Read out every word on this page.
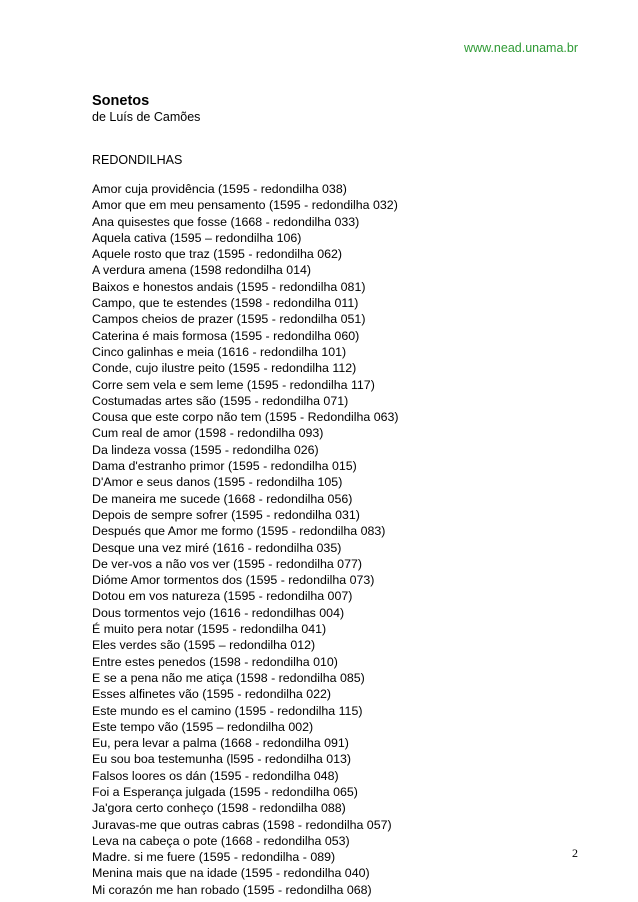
www.nead.unama.br
Sonetos
de Luís de Camões
REDONDILHAS
Amor cuja providência (1595 - redondilha 038)
Amor que em meu pensamento (1595 - redondilha 032)
Ana quisestes que fosse (1668 - redondilha 033)
Aquela cativa (1595 – redondilha 106)
Aquele rosto que traz (1595 - redondilha 062)
A verdura amena (1598 redondilha 014)
Baixos e honestos andais (1595 - redondilha 081)
Campo, que te estendes (1598 - redondilha 011)
Campos cheios de prazer (1595 - redondilha 051)
Caterina é mais formosa (1595 - redondilha 060)
Cinco galinhas e meia (1616 - redondilha 101)
Conde, cujo ilustre peito (1595 - redondilha 112)
Corre sem vela e sem leme (1595 - redondilha 117)
Costumadas artes são (1595 - redondilha 071)
Cousa que este corpo não tem (1595 - Redondilha 063)
Cum real de amor (1598 - redondilha 093)
Da lindeza vossa (1595 - redondilha 026)
Dama d'estranho primor (1595 - redondilha 015)
D'Amor e seus danos (1595 - redondilha 105)
De maneira me sucede (1668 - redondilha 056)
Depois de sempre sofrer (1595 - redondilha 031)
Después que Amor me formo (1595 - redondilha 083)
Desque una vez miré (1616 - redondilha 035)
De ver-vos a não vos ver (1595 - redondilha 077)
Dióme Amor tormentos dos (1595 - redondilha 073)
Dotou em vos natureza (1595 - redondilha 007)
Dous tormentos vejo (1616 - redondilhas 004)
É muito pera notar (1595 - redondilha 041)
Eles verdes são (1595 – redondilha 012)
Entre estes penedos (1598 - redondilha 010)
E se a pena não me atiça (1598 - redondilha 085)
Esses alfinetes vão (1595 - redondilha 022)
Este mundo es el camino (1595 - redondilha 115)
Este tempo vão (1595 – redondilha 002)
Eu, pera levar a palma (1668 - redondilha 091)
Eu sou boa testemunha (l595 - redondilha 013)
Falsos loores os dán (1595 - redondilha 048)
Foi a Esperança julgada (1595 - redondilha 065)
Ja'gora certo conheço (1598 - redondilha 088)
Juravas-me que outras cabras (1598 - redondilha 057)
Leva na cabeça o pote (1668 - redondilha 053)
Madre. si me fuere (1595 - redondilha - 089)
Menina mais que na idade (1595 - redondilha 040)
Mi corazón me han robado (1595 - redondilha 068)
2
